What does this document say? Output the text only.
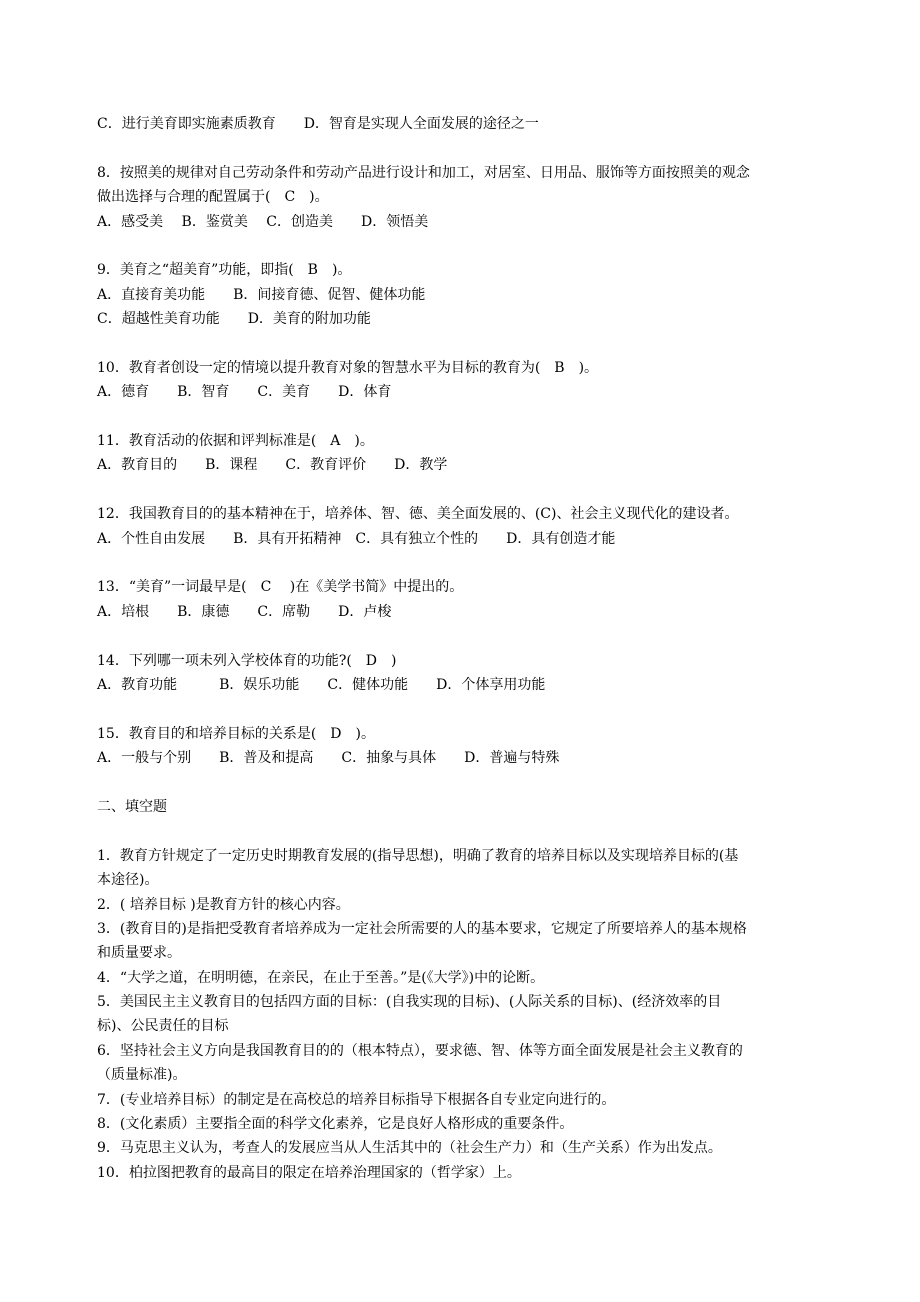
C．进行美育即实施素质教育　　D．智育是实现人全面发展的途径之一
8．按照美的规律对自己劳动条件和劳动产品进行设计和加工，对居室、日用品、服饰等方面按照美的观念
做出选择与合理的配置属于(　C　)。
A．感受美　 B．鉴赏美　 C．创造美　　D．领悟美
9．美育之“超美育”功能，即指(　B　)。
A．直接育美功能　　B．间接育德、促智、健体功能
C．超越性美育功能　　D．美育的附加功能
10．教育者创设一定的情境以提升教育对象的智慧水平为目标的教育为(　B　)。
A．德育　　B．智育　　C．美育　　D．体育
11．教育活动的依据和评判标准是(　A　)。
A．教育目的　　B．课程　　C．教育评价　　D．教学
12．我国教育目的的基本精神在于，培养体、智、德、美全面发展的、(C)、社会主义现代化的建设者。
A．个性自由发展　　B．具有开拓精神　C．具有独立个性的　　D．具有创造才能
13．“美育”一词最早是(　C　 )在《美学书简》中提出的。
A．培根　　B．康德　　C．席勒　　D．卢梭
14．下列哪一项未列入学校体育的功能?(　D　)
A．教育功能　　　B．娱乐功能　　C．健体功能　　D．个体享用功能
15．教育目的和培养目标的关系是(　D　)。
A．一般与个别　　B．普及和提高　　C．抽象与具体　　D．普遍与特殊
二、填空题
1．教育方针规定了一定历史时期教育发展的(指导思想)，明确了教育的培养目标以及实现培养目标的(基
本途径)。
2．( 培养目标 )是教育方针的核心内容。
3．(教育目的)是指把受教育者培养成为一定社会所需要的人的基本要求，它规定了所要培养人的基本规格
和质量要求。
4．“大学之道，在明明德，在亲民，在止于至善。”是(《大学》)中的论断。
5．美国民主主义教育目的包括四方面的目标：(自我实现的目标)、(人际关系的目标)、(经济效率的目
标)、公民责任的目标
6．坚持社会主义方向是我国教育目的的（根本特点），要求德、智、体等方面全面发展是社会主义教育的
（质量标准)。
7．(专业培养目标）的制定是在高校总的培养目标指导下根据各自专业定向进行的。
8．(文化素质）主要指全面的科学文化素养，它是良好人格形成的重要条件。
9．马克思主义认为，考查人的发展应当从人生活其中的（社会生产力）和（生产关系）作为出发点。
10．柏拉图把教育的最高目的限定在培养治理国家的（哲学家）上。
